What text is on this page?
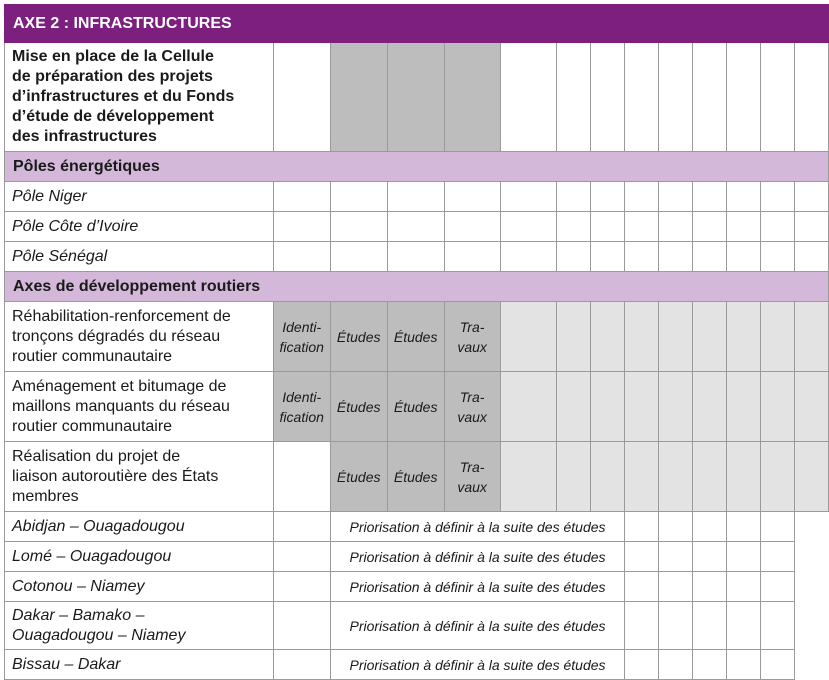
AXE 2 : INFRASTRUCTURES													
Mise en place de la Cellule
de préparation des projets
d’infrastructures et du Fonds
d’étude de développement
des infrastructures													
Pôles énergétiques													
Pôle Niger													
Pôle Côte d’Ivoire													
Pôle Sénégal													
Axes de développement routiers													
Réhabilitation-renforcement de
tronçons dégradés du réseau
routier communautaire	Identi-
fication	Études	Études	Tra-
vaux									
Aménagement et bitumage de
maillons manquants du réseau
routier communautaire	Identi-
fication	Études	Études	Tra-
vaux									
Réalisation du projet de
liaison autoroutière des États
membres		Études	Études	Tra-
vaux									
Abidjan – Ouagadougou		Priorisation à définir à la suite des études											
Lomé – Ouagadougou		Priorisation à définir à la suite des études											
Cotonou – Niamey		Priorisation à définir à la suite des études											
Dakar – Bamako –
Ouagadougou – Niamey		Priorisation à définir à la suite des études											
Bissau – Dakar		Priorisation à définir à la suite des études											
